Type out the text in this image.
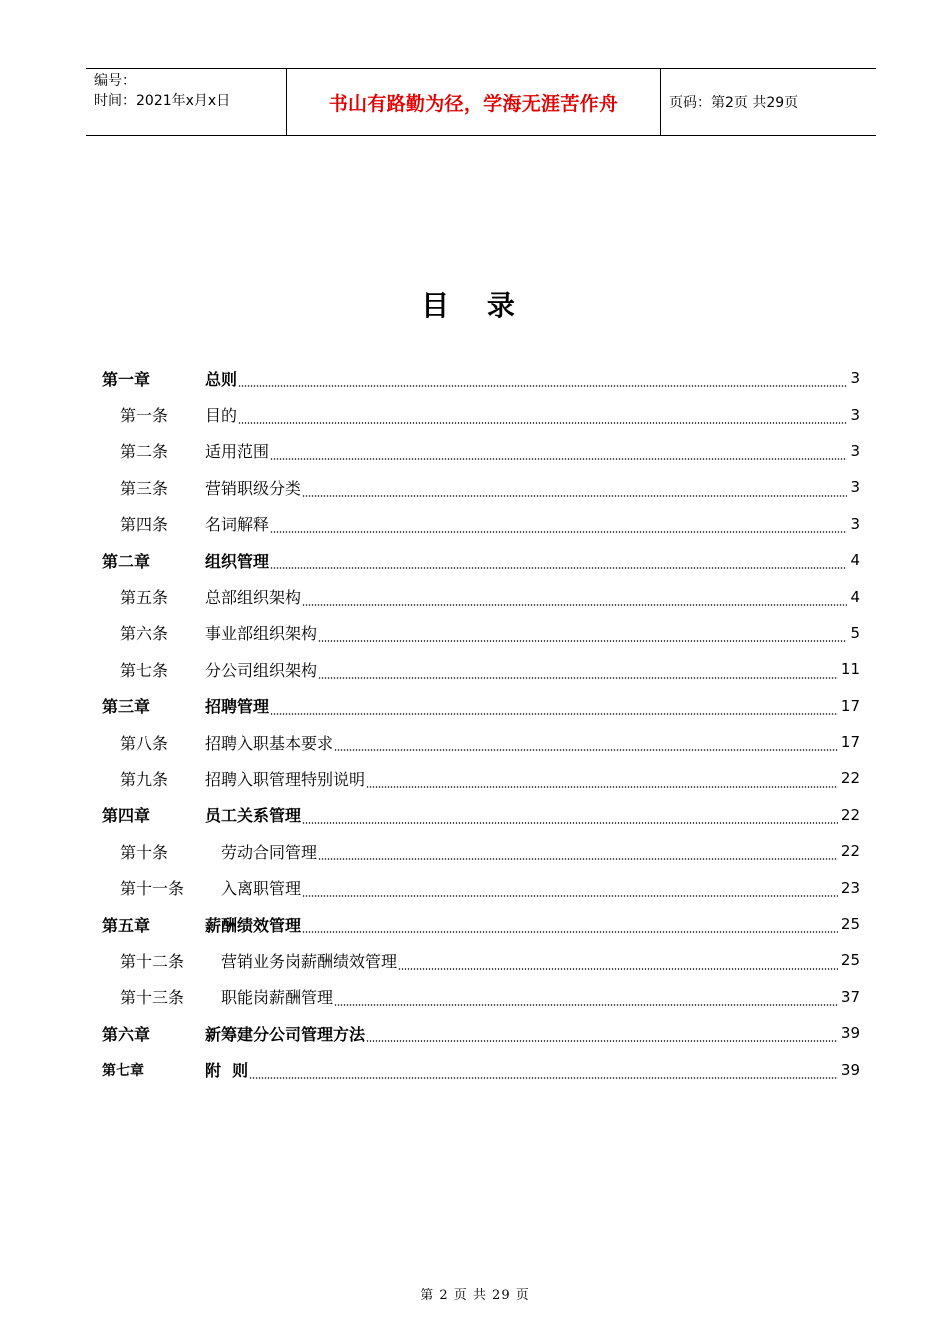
编号：
时间：2021年x月x日	书山有路勤为径，学海无涯苦作舟	页码：第2页 共29页
目 录
第一章	总则	3
第一条	目的	3
第二条	适用范围	3
第三条	营销职级分类	3
第四条	名词解释	3
第二章	组织管理	4
第五条	总部组织架构	4
第六条	事业部组织架构	5
第七条	分公司组织架构	11
第三章	招聘管理	17
第八条	招聘入职基本要求	17
第九条	招聘入职管理特别说明	22
第四章	员工关系管理	22
第十条	劳动合同管理	22
第十一条	入离职管理	23
第五章	薪酬绩效管理	25
第十二条	营销业务岗薪酬绩效管理	25
第十三条	职能岗薪酬管理	37
第六章	新筹建分公司管理方法	39
第七章	附  则	39
第 2 页 共 29 页
